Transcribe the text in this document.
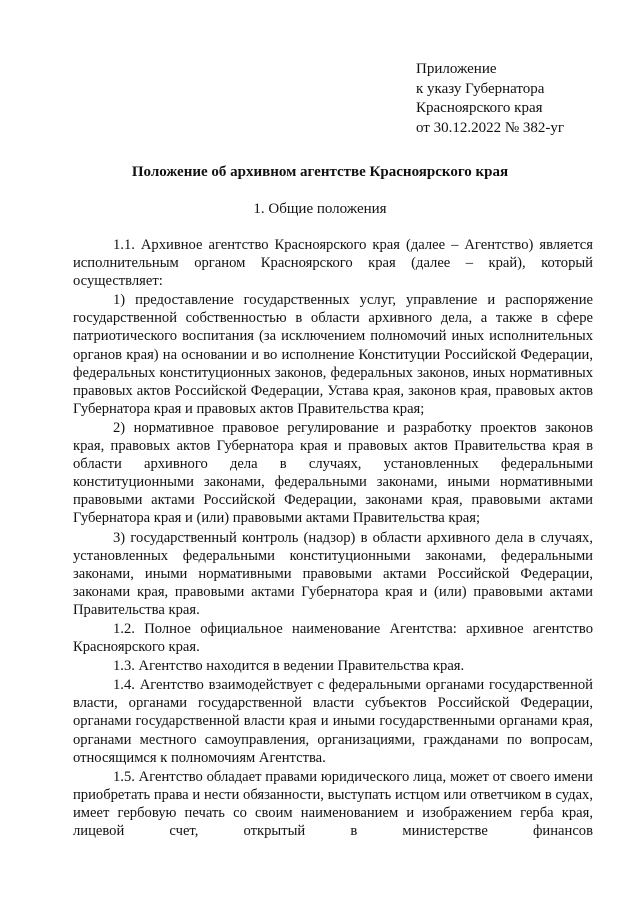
Приложение
к указу Губернатора
Красноярского края
от 30.12.2022 № 382-уг
Положение об архивном агентстве Красноярского края
1. Общие положения

1.1. Архивное агентство Красноярского края (далее – Агентство) является исполнительным органом Красноярского края (далее – край), который осуществляет:

1) предоставление государственных услуг, управление и распоряжение государственной собственностью в области архивного дела, а также в сфере патриотического воспитания (за исключением полномочий иных исполнительных органов края) на основании и во исполнение Конституции Российской Федерации, федеральных конституционных законов, федеральных законов, иных нормативных правовых актов Российской Федерации, Устава края, законов края, правовых актов Губернатора края и правовых актов Правительства края;

2) нормативное правовое регулирование и разработку проектов законов края, правовых актов Губернатора края и правовых актов Правительства края в области архивного дела в случаях, установленных федеральными конституционными законами, федеральными законами, иными нормативными правовыми актами Российской Федерации, законами края, правовыми актами Губернатора края и (или) правовыми актами Правительства края;

3) государственный контроль (надзор) в области архивного дела в случаях, установленных федеральными конституционными законами, федеральными законами, иными нормативными правовыми актами Российской Федерации, законами края, правовыми актами Губернатора края и (или) правовыми актами Правительства края.

1.2. Полное официальное наименование Агентства: архивное агентство Красноярского края.

1.3. Агентство находится в ведении Правительства края.

1.4. Агентство взаимодействует с федеральными органами государственной власти, органами государственной власти субъектов Российской Федерации, органами государственной власти края и иными государственными органами края, органами местного самоуправления, организациями, гражданами по вопросам, относящимся к полномочиям Агентства.

1.5. Агентство обладает правами юридического лица, может от своего имени приобретать права и нести обязанности, выступать истцом или ответчиком в судах, имеет гербовую печать со своим наименованием и изображением герба края, лицевой счет, открытый в министерстве финансов
